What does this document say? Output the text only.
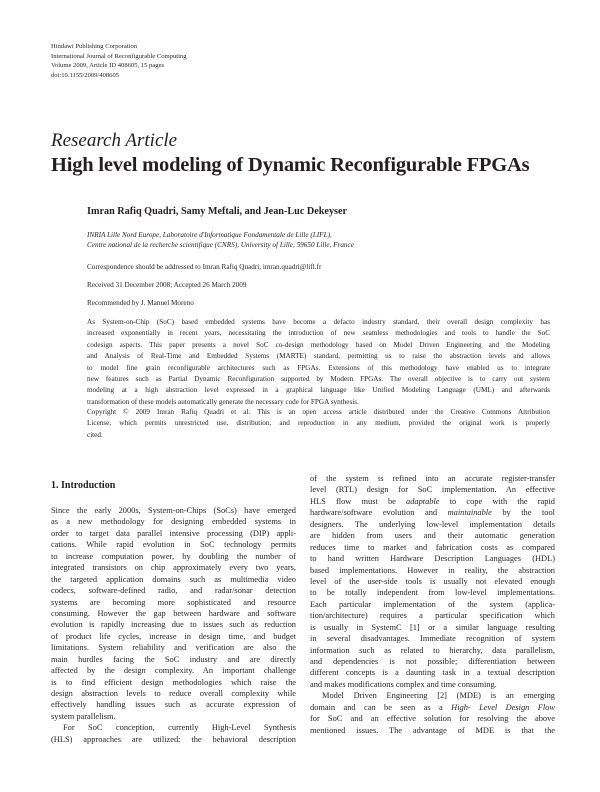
Hindawi Publishing Corporation
International Journal of Reconfigurable Computing
Volume 2009, Article ID 408605, 15 pages
doi:10.1155/2009/408605
Research Article
High level modeling of Dynamic Reconfigurable FPGAs
Imran Rafiq Quadri, Samy Meftali, and Jean-Luc Dekeyser
INRIA Lille Nord Europe, Laboratoire d'Informatique Fondamentale de Lille (LIFL),
Centre national de la recherche scientifique (CNRS), University of Lille, 59650 Lille, France
Correspondence should be addressed to Imran Rafiq Quadri, imran.quadri@lifl.fr
Received 31 December 2008; Accepted 26 March 2009
Recommended by J. Manuel Moreno
As System-on-Chip (SoC) based embedded systems have become a defacto industry standard, their overall design complexity has
increased exponentially in recent years, necessitating the introduction of new seamless methodologies and tools to handle the SoC
codesign aspects. This paper presents a novel SoC co-design methodology based on Model Driven Engineering and the Modeling
and Analysis of Real-Time and Embedded Systems (MARTE) standard, permitting us to raise the abstraction levels and allows
to model fine grain reconfigurable architectures such as FPGAs. Extensions of this methodology have enabled us to integrate
new features such as Partial Dynamic Reconfiguration supported by Modern FPGAs. The overall objective is to carry out system
modeling at a high abstraction level expressed in a graphical language like Unified Modeling Language (UML) and afterwards
transformation of these models automatically generate the necessary code for FPGA synthesis.
Copyright © 2009 Imran Rafiq Quadri et al. This is an open access article distributed under the Creative Commons Attribution
License, which permits unrestricted use, distribution, and reproduction in any medium, provided the original work is properly
cited.
1. Introduction
Since the early 2000s, System-on-Chips (SoCs) have emerged
as a new methodology for designing embedded systems in
order to target data parallel intensive processing (DIP) appli-
cations. While rapid evolution in SoC technology permits
to increase computation power, by doubling the number of
integrated transistors on chip approximately every two years,
the targeted application domains such as multimedia video
codecs, software-defined radio, and radar/sonar detection
systems are becoming more sophisticated and resource
consuming. However the gap between hardware and software
evolution is rapidly increasing due to issues such as reduction
of product life cycles, increase in design time, and budget
limitations. System reliability and verification are also the
main hurdles facing the SoC industry and are directly
affected by the design complexity. An important challenge
is to find efficient design methodologies which raise the
design abstraction levels to reduce overall complexity while
effectively handling issues such as accurate expression of
system parallelism.
For SoC conception, currently High-Level Synthesis
(HLS) approaches are utilized: the behavioral description
of the system is refined into an accurate register-transfer
level (RTL) design for SoC implementation. An effective
HLS flow must be adaptable to cope with the rapid
hardware/software evolution and maintainable by the tool
designers. The underlying low-level implementation details
are hidden from users and their automatic generation
reduces time to market and fabrication costs as compared
to hand written Hardware Description Languages (HDL)
based implementations. However in reality, the abstraction
level of the user-side tools is usually not elevated enough
to be totally independent from low-level implementations.
Each particular implementation of the system (applica-
tion/architecture) requires a particular specification which
is usually in SystemC [1] or a similar language resulting
in several disadvantages. Immediate recognition of system
information such as related to hierarchy, data parallelism,
and dependencies is not possible; differentiation between
different concepts is a daunting task in a textual description
and makes modifications complex and time consuming.
Model Driven Engineering [2] (MDE) is an emerging
domain and can be seen as a High- Level Design Flow
for SoC and an effective solution for resolving the above
mentioned issues. The advantage of MDE is that the
